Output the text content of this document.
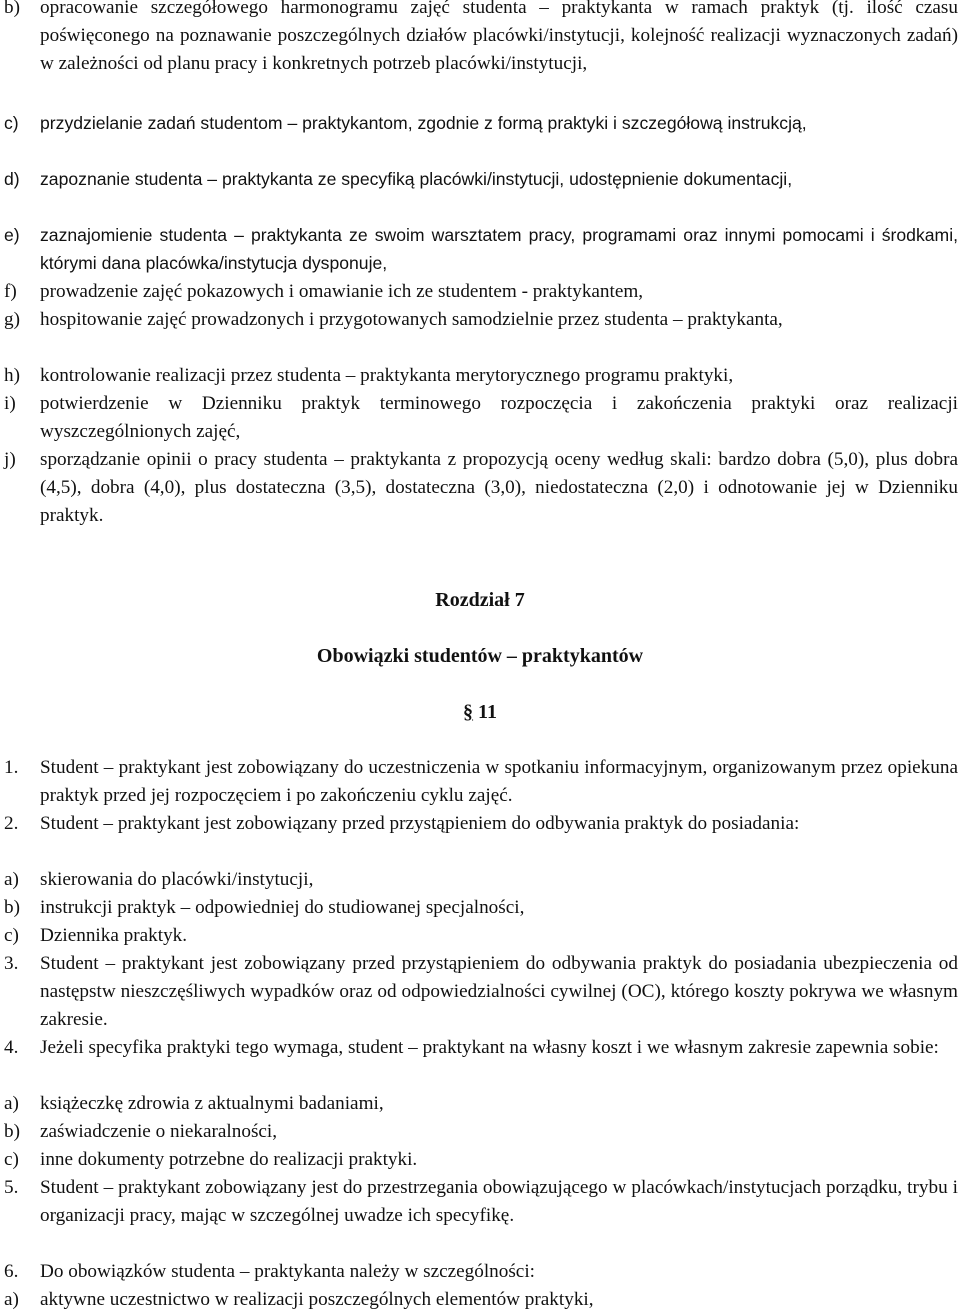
b) opracowanie szczegółowego harmonogramu zajęć studenta – praktykanta w ramach praktyk (tj. ilość czasu poświęconego na poznawanie poszczególnych działów placówki/instytucji, kolejność realizacji wyznaczonych zadań) w zależności od planu pracy i konkretnych potrzeb placówki/instytucji,
c) przydzielanie zadań studentom – praktykantom, zgodnie z formą praktyki i szczegółową instrukcją,
d) zapoznanie studenta – praktykanta ze specyfiką placówki/instytucji, udostępnienie dokumentacji,
e) zaznajomienie studenta – praktykanta ze swoim warsztatem pracy, programami oraz innymi pomocami i środkami, którymi dana placówka/instytucja dysponuje,
f) prowadzenie zajęć pokazowych i omawianie ich ze studentem - praktykantem,
g) hospitowanie zajęć prowadzonych i przygotowanych samodzielnie przez studenta – praktykanta,
h) kontrolowanie realizacji przez studenta – praktykanta merytorycznego programu praktyki,
i) potwierdzenie w Dzienniku praktyk terminowego rozpoczęcia i zakończenia praktyki oraz realizacji wyszczególnionych zajęć,
j) sporządzanie opinii o pracy studenta – praktykanta z propozycją oceny według skali: bardzo dobra (5,0), plus dobra (4,5), dobra (4,0), plus dostateczna (3,5), dostateczna (3,0), niedostateczna (2,0) i odnotowanie jej w Dzienniku praktyk.
Rozdział 7
Obowiązki studentów – praktykantów
§ 11
1. Student – praktykant jest zobowiązany do uczestniczenia w spotkaniu informacyjnym, organizowanym przez opiekuna praktyk przed jej rozpoczęciem i po zakończeniu cyklu zajęć.
2. Student – praktykant jest zobowiązany przed przystąpieniem do odbywania praktyk do posiadania:
a) skierowania do placówki/instytucji,
b) instrukcji praktyk – odpowiedniej do studiowanej specjalności,
c) Dziennika praktyk.
3. Student – praktykant jest zobowiązany przed przystąpieniem do odbywania praktyk do posiadania ubezpieczenia od następstw nieszczęśliwych wypadków oraz od odpowiedzialności cywilnej (OC), którego koszty pokrywa we własnym zakresie.
4. Jeżeli specyfika praktyki tego wymaga, student – praktykant na własny koszt i we własnym zakresie zapewnia sobie:
a) książeczkę zdrowia z aktualnymi badaniami,
b) zaświadczenie o niekaralności,
c) inne dokumenty potrzebne do realizacji praktyki.
5. Student – praktykant zobowiązany jest do przestrzegania obowiązującego w placówkach/instytucjach porządku, trybu i organizacji pracy, mając w szczególnej uwadze ich specyfikę.
6. Do obowiązków studenta – praktykanta należy w szczególności:
a) aktywne uczestnictwo w realizacji poszczególnych elementów praktyki,
